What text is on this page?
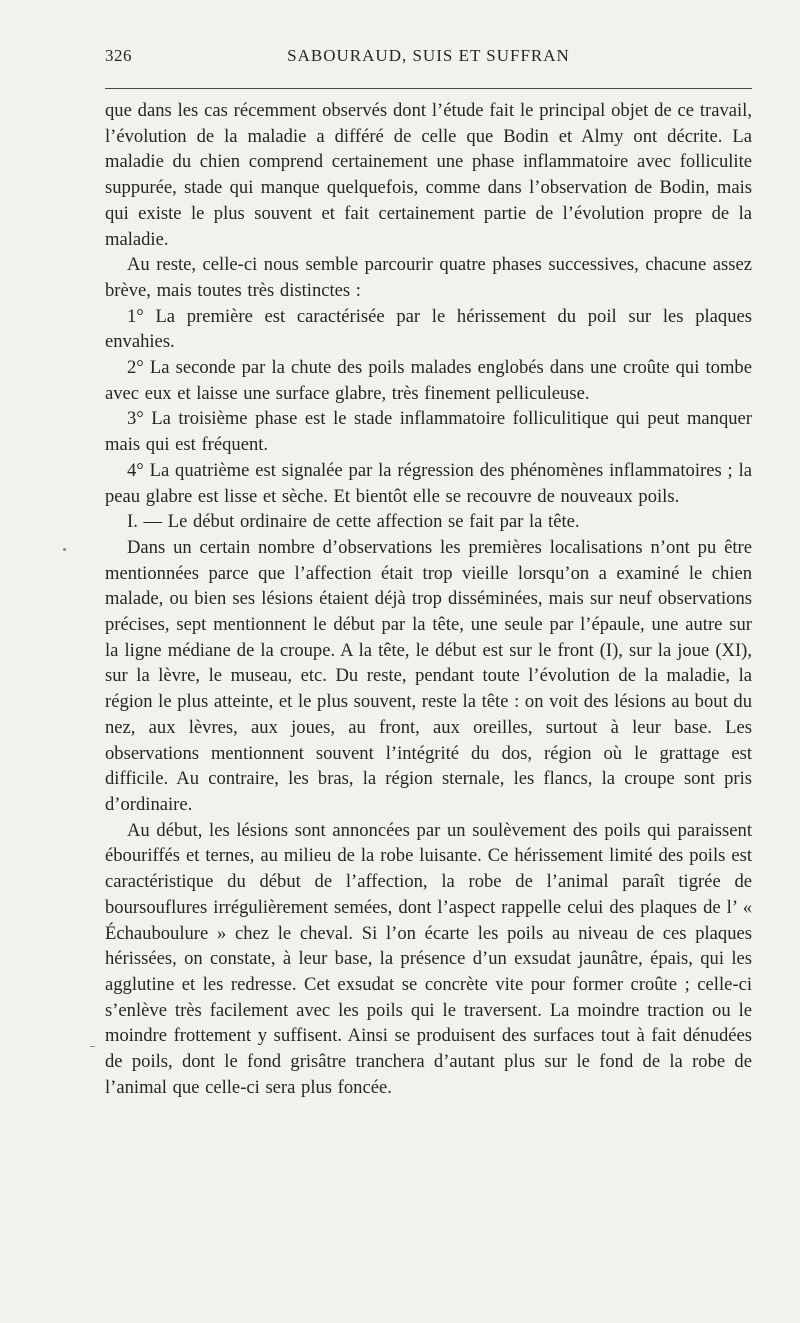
326	SABOURAUD, SUIS ET SUFFRAN

que dans les cas récemment observés dont l’étude fait le principal objet de ce travail, l’évolution de la maladie a différé de celle que Bodin et Almy ont décrite. La maladie du chien comprend certainement une phase inflammatoire avec folliculite suppurée, stade qui manque quelquefois, comme dans l’observation de Bodin, mais qui existe le plus souvent et fait certainement partie de l’évolution propre de la maladie.

Au reste, celle-ci nous semble parcourir quatre phases successives, chacune assez brève, mais toutes très distinctes :

1° La première est caractérisée par le hérissement du poil sur les plaques envahies.

2° La seconde par la chute des poils malades englobés dans une croûte qui tombe avec eux et laisse une surface glabre, très finement pelliculeuse.

3° La troisième phase est le stade inflammatoire folliculitique qui peut manquer mais qui est fréquent.

4° La quatrième est signalée par la régression des phénomènes inflammatoires ; la peau glabre est lisse et sèche. Et bientôt elle se recouvre de nouveaux poils.

I. — Le début ordinaire de cette affection se fait par la tête.

Dans un certain nombre d’observations les premières localisations n’ont pu être mentionnées parce que l’affection était trop vieille lorsqu’on a examiné le chien malade, ou bien ses lésions étaient déjà trop disséminées, mais sur neuf observations précises, sept mentionnent le début par la tête, une seule par l’épaule, une autre sur la ligne médiane de la croupe. A la tête, le début est sur le front (I), sur la joue (XI), sur la lèvre, le museau, etc. Du reste, pendant toute l’évolution de la maladie, la région le plus atteinte, et le plus souvent, reste la tête : on voit des lésions au bout du nez, aux lèvres, aux joues, au front, aux oreilles, surtout à leur base. Les observations mentionnent souvent l’intégrité du dos, région où le grattage est difficile. Au contraire, les bras, la région sternale, les flancs, la croupe sont pris d’ordinaire.

Au début, les lésions sont annoncées par un soulèvement des poils qui paraissent ébouriffés et ternes, au milieu de la robe luisante. Ce hérissement limité des poils est caractéristique du début de l’affection, la robe de l’animal paraît tigrée de boursouflures irrégulièrement semées, dont l’aspect rappelle celui des plaques de l’ « Échauboulure » chez le cheval. Si l’on écarte les poils au niveau de ces plaques hérissées, on constate, à leur base, la présence d’un exsudat jaunâtre, épais, qui les agglutine et les redresse. Cet exsudat se concrète vite pour former croûte ; celle-ci s’enlève très facilement avec les poils qui le traversent. La moindre traction ou le moindre frottement y suffisent. Ainsi se produisent des surfaces tout à fait dénudées de poils, dont le fond grisâtre tranchera d’autant plus sur le fond de la robe de l’animal que celle-ci sera plus foncée.
